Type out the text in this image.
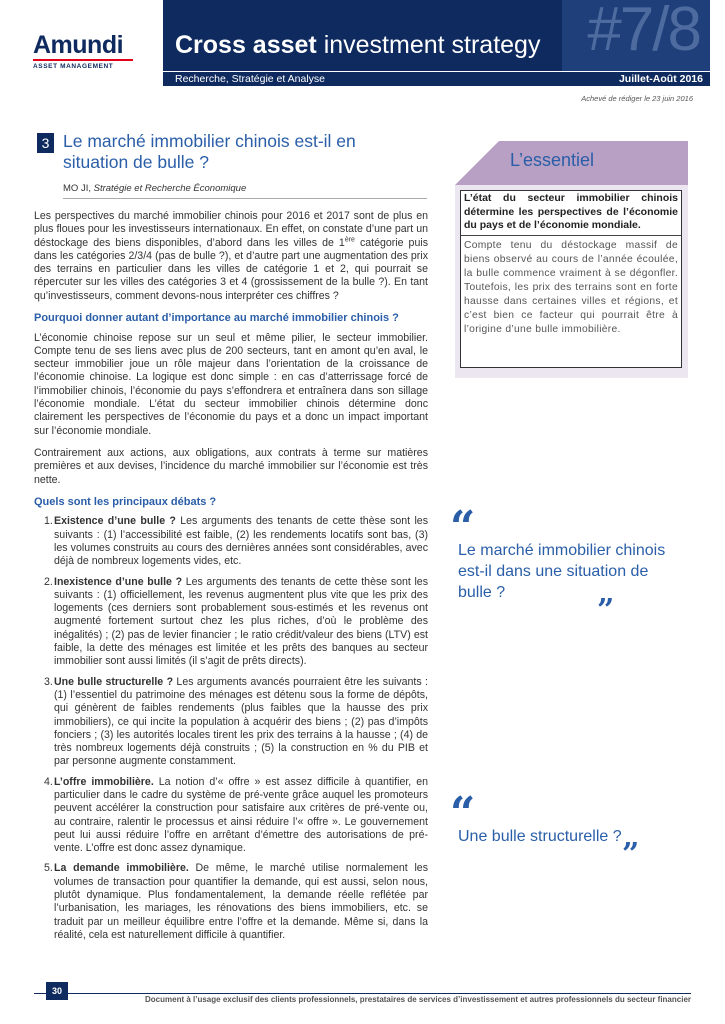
Amundi
ASSET MANAGEMENT
Cross asset investment strategy #7/8
Recherche, Stratégie et Analyse	Juillet-Août 2016
Achevé de rédiger le 23 juin 2016
3 Le marché immobilier chinois est-il en situation de bulle ?
MO JI, Stratégie et Recherche Économique

Les perspectives du marché immobilier chinois pour 2016 et 2017 sont de plus en plus floues pour les investisseurs internationaux. En effet, on constate d’une part un déstockage des biens disponibles, d’abord dans les villes de 1ère catégorie puis dans les catégories 2/3/4 (pas de bulle ?), et d’autre part une augmentation des prix des terrains en particulier dans les villes de catégorie 1 et 2, qui pourrait se répercuter sur les villes des catégories 3 et 4 (grossissement de la bulle ?). En tant qu’investisseurs, comment devons-nous interpréter ces chiffres ?

Pourquoi donner autant d’importance au marché immobilier chinois ?

L’économie chinoise repose sur un seul et même pilier, le secteur immobilier. Compte tenu de ses liens avec plus de 200 secteurs, tant en amont qu’en aval, le secteur immobilier joue un rôle majeur dans l’orientation de la croissance de l’économie chinoise. La logique est donc simple : en cas d’atterrissage forcé de l’immobilier chinois, l’économie du pays s’effondrera et entraînera dans son sillage l’économie mondiale. L’état du secteur immobilier chinois détermine donc clairement les perspectives de l’économie du pays et a donc un impact important sur l’économie mondiale.

Contrairement aux actions, aux obligations, aux contrats à terme sur matières premières et aux devises, l’incidence du marché immobilier sur l’économie est très nette.

Quels sont les principaux débats ?
1. Existence d’une bulle ? Les arguments des tenants de cette thèse sont les suivants : (1) l’accessibilité est faible, (2) les rendements locatifs sont bas, (3) les volumes construits au cours des dernières années sont considérables, avec déjà de nombreux logements vides, etc.
2. Inexistence d’une bulle ? Les arguments des tenants de cette thèse sont les suivants : (1) officiellement, les revenus augmentent plus vite que les prix des logements (ces derniers sont probablement sous-estimés et les revenus ont augmenté fortement surtout chez les plus riches, d’où le problème des inégalités) ; (2) pas de levier financier ; le ratio crédit/valeur des biens (LTV) est faible, la dette des ménages est limitée et les prêts des banques au secteur immobilier sont aussi limités (il s’agit de prêts directs).
3. Une bulle structurelle ? Les arguments avancés pourraient être les suivants : (1) l’essentiel du patrimoine des ménages est détenu sous la forme de dépôts, qui génèrent de faibles rendements (plus faibles que la hausse des prix immobiliers), ce qui incite la population à acquérir des biens ; (2) pas d’impôts fonciers ; (3) les autorités locales tirent les prix des terrains à la hausse ; (4) de très nombreux logements déjà construits ; (5) la construction en % du PIB et par personne augmente constamment.
4. L’offre immobilière. La notion d’« offre » est assez difficile à quantifier, en particulier dans le cadre du système de pré-vente grâce auquel les promoteurs peuvent accélérer la construction pour satisfaire aux critères de pré-vente ou, au contraire, ralentir le processus et ainsi réduire l’« offre ». Le gouvernement peut lui aussi réduire l’offre en arrêtant d’émettre des autorisations de pré-vente. L’offre est donc assez dynamique.
5. La demande immobilière. De même, le marché utilise normalement les volumes de transaction pour quantifier la demande, qui est aussi, selon nous, plutôt dynamique. Plus fondamentalement, la demande réelle reflétée par l’urbanisation, les mariages, les rénovations des biens immobiliers, etc. se traduit par un meilleur équilibre entre l’offre et la demande. Même si, dans la réalité, cela est naturellement difficile à quantifier.
L’essentiel
L’état du secteur immobilier chinois détermine les perspectives de l’économie du pays et de l’économie mondiale.
Compte tenu du déstockage massif de biens observé au cours de l’année écoulée, la bulle commence vraiment à se dégonfler. Toutefois, les prix des terrains sont en forte hausse dans certaines villes et régions, et c’est bien ce facteur qui pourrait être à l’origine d’une bulle immobilière.
“
Le marché immobilier chinois est-il dans une situation de bulle ?
”
“
Une bulle structurelle ?
”
30
Document à l’usage exclusif des clients professionnels, prestataires de services d’investissement et autres professionnels du secteur financier
